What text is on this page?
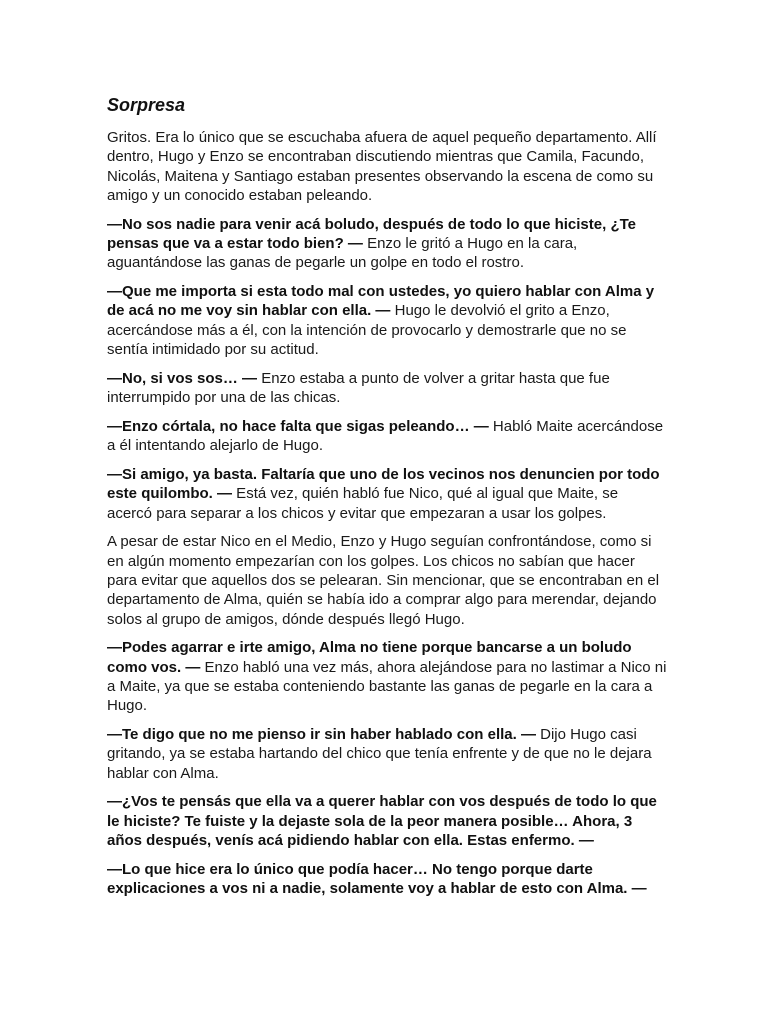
Sorpresa

Gritos. Era lo único que se escuchaba afuera de aquel pequeño departamento. Allí dentro, Hugo y Enzo se encontraban discutiendo mientras que Camila, Facundo, Nicolás, Maitena y Santiago estaban presentes observando la escena de como su amigo y un conocido estaban peleando.

—No sos nadie para venir acá boludo, después de todo lo que hiciste, ¿Te pensas que va a estar todo bien? — Enzo le gritó a Hugo en la cara, aguantándose las ganas de pegarle un golpe en todo el rostro.

—Que me importa si esta todo mal con ustedes, yo quiero hablar con Alma y de acá no me voy sin hablar con ella. — Hugo le devolvió el grito a Enzo, acercándose más a él, con la intención de provocarlo y demostrarle que no se sentía intimidado por su actitud.

—No, si vos sos… — Enzo estaba a punto de volver a gritar hasta que fue interrumpido por una de las chicas.

—Enzo córtala, no hace falta que sigas peleando… — Habló Maite acercándose a él intentando alejarlo de Hugo.

—Si amigo, ya basta. Faltaría que uno de los vecinos nos denuncien por todo este quilombo. — Está vez, quién habló fue Nico, qué al igual que Maite, se acercó para separar a los chicos y evitar que empezaran a usar los golpes.

A pesar de estar Nico en el Medio, Enzo y Hugo seguían confrontándose, como si en algún momento empezarían con los golpes. Los chicos no sabían que hacer para evitar que aquellos dos se pelearan. Sin mencionar, que se encontraban en el departamento de Alma, quién se había ido a comprar algo para merendar, dejando solos al grupo de amigos, dónde después llegó Hugo.

—Podes agarrar e irte amigo, Alma no tiene porque bancarse a un boludo como vos. — Enzo habló una vez más, ahora alejándose para no lastimar a Nico ni a Maite, ya que se estaba conteniendo bastante las ganas de pegarle en la cara a Hugo.

—Te digo que no me pienso ir sin haber hablado con ella. — Dijo Hugo casi gritando, ya se estaba hartando del chico que tenía enfrente y de que no le dejara hablar con Alma.

—¿Vos te pensás que ella va a querer hablar con vos después de todo lo que le hiciste? Te fuiste y la dejaste sola de la peor manera posible… Ahora, 3 años después, venís acá pidiendo hablar con ella. Estas enfermo. —

—Lo que hice era lo único que podía hacer… No tengo porque darte explicaciones a vos ni a nadie, solamente voy a hablar de esto con Alma. —
